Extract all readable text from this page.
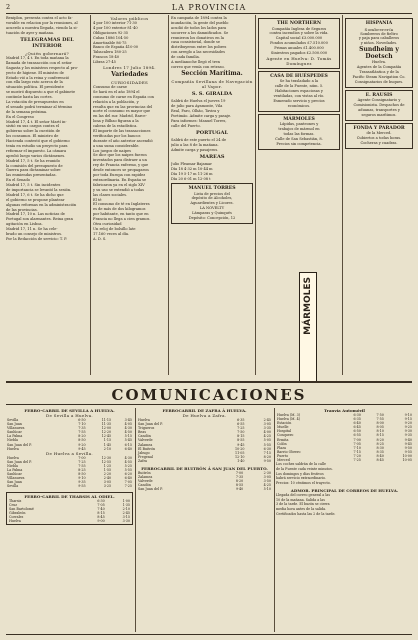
2	LA PROVINCIA
Beniplon, presenta contra el acto fa-
vorable en relacion por la reuniones, al
acuerdo a nuestra llegada, viendo la si-
tuación de ayer y mañana.
TELEGRAMAS DEL INTERIOR
¿Quién gobernará?
Madrid 17, 4 t. En toda mañana la
llamada de transacción con el señor
Sagasta y los ministros respecto al pro-
yecto de higiene. El ministro de
Estado vió a la reina y conferenció
con ella largo rato acerca de la
situación política. El presidente
se mostró dispuesto a que el gabinete
continúe hasta las cortes.
La votación de presupuestos en
el senado podrá terminar al término
de la semana próxima.
En el Congreso
Madrid 17, 4 t. El señor Martí in-
sistió en sus cargos contra el
gobierno sobre la cuestión de
los consumos. El ministro de
Hacienda contestó que el gobierno
tenía en estudio un proyecto para
reformar el impuesto. La cámara
aprobó luego varios dictámenes.
Madrid 17, 5 t. Se ha reunido
la comisión del presupuesto de
Guerra para dictaminar sobre
las enmiendas presentadas.
En el Senado
Madrid 17, 5 t. Sin incidentes
de importancia se levantó la sesión.
Madrid 17, 6 t. Se ha dicho que
el gobierno se propone plantear
algunas reformas en la administración
de las provincias.
Madrid 17, 10 n. Las noticias de
Portugal son alarmantes. Reina gran
agitación en Lisboa.
Madrid 17, 11 n. Se ha cele-
brado un consejo de ministros.
Por la Redacción de servicio: T. P.
Valores públicos
4 por 100 interior 71·30
4 por 100 exterior 81·40
Obligaciones 92·35
Cubas 1886 104·50
Amortizable 86·75
Banco de España 410·00
Tabacalera 180·25
Francos 18·40
Libras 27·45
Londres 17 Julio 1894.
Variedades
CURIOSIDADES
Consumo de carne
Se hará en el año 1894 el
consumo de carne en España con
relación a la población, y
resulta que en las provincias del
norte el consumo es mayor que
en las del sur. Madrid, Barce-
lona y Bilbao figuran a la
cabeza de la estadística.
El importe de las transacciones
verificadas por los bancos
durante el año anterior ascendió
a una suma considerable.
Los juegos de naipes
Se dice que los naipes fueron
inventados para distraer a un
rey de Francia enfermo, y que
desde entonces se propagaron
por toda Europa con rapidez
extraordinaria. En España se
fabricaron ya en el siglo XIV
y su uso se extendió a todas
las clases sociales.
El té
El consumo de té en Inglaterra
es de más de dos kilogramos
por habitante, en tanto que en
Francia no llega a cien gramos.
Otra curiosidad
Un reloj de bolsillo late
17.160 veces al día.
A. D. S.
En campaña de 1894 contra la
inundación, la gente del pueblo
acudió de todos los lados para
socorrer a los damnificados. Se
reunieron los donativos en la
casa consistorial, donde se
distribuyeron entre los pobres
con arreglo a las necesidades
de cada familia.
A medianoche llegó el tren
correo que venía con retraso.
Sección Marítima.
Compañía Sevillana de Navegación al Vapor.
S. S. GIRALDA
Saldrá de Huelva el jueves 19
de julio para Ayamonte, Vila
Real, Faro, Olhão, Tavira y
Portimão. Admite carga y pasaje.
Para informes: Manuel Torres,
calle del Puerto.
PORTUGAL
Saldrá de este puerto el 24 de
julio a las 8 de la mañana.
Admite carga y pasajeros.
MAREAS
Julio Pleamar Bajamar
Día 18 4·32 m 10·44 m
Día 19 5·17 m 11·26 m
Día 20 6·01 m 12·08 t
MANUEL TORRES
Lista de precios del
depósito de Alcoholes,
Aguardientes y Licores.
LA NOVELTY
Lámparas y Quinqués
Depósito: Concepción, 12
THE NORTHERN
Compañía Inglesa de Seguros
contra incendios y sobre la vida.
Capital social £3.000.000
Fondos acumulados £7.510.000
Primas anuales £1.400.000
Siniestros pagados £2.500.000
Agente en Huelva: D. Tomás Domínguez
CASA DE HUÉSPEDES
Se ha trasladado a la
calle de la Fuente, núm. 5.
Habitaciones espaciosas y
ventiladas, con vistas al río.
Esmerado servicio y precios
económicos.
MÁRMOLES
Lápidas, panteones y
trabajos de mármol en
todas las formas.
Calle de San Sebastián, 8.
Precios sin competencia.
MÁRMOLES
HISPANIA
Sombrerería
Sombreros de fieltro
y paja para caballeros
y niños. Novedades.
Sundheim y Doetsch
Huelva.
Agentes de la Compañía
Transatlántica y de la
Pacific Steam Navigation Co.
Consignatarios de buques.
E. RAUSIS
Agente Consignatario y
Comisionista. Despachos de
aduanas, transportes y
seguros marítimos.
FONDA Y PARADOR
de la Merced.
Cubiertos a todas horas.
Cocheras y cuadras.
COMUNICACIONES
FERRO-CARRIL DE SEVILLA A HUELVA.
De Sevilla a Huelva.
Sevilla	6·50	11·15	3·45
San Juan	7·10	11·35	4·05
Villanueva	7·35	12·00	4·30
Sanlúcar	7·55	12·20	4·50
La Palma	8·20	12·45	5·15
Niebla	8·50	1·15	5·45
San Juan del P.	9·20	1·45	6·15
Huelva	9·45	2·10	6·40
De Huelva a Sevilla.
Huelva	7·00	12·30	4·30
San Juan del P.	7·25	12·55	4·55
Niebla	7·55	1·25	5·25
La Palma	8·25	1·55	5·55
Sanlúcar	8·50	2·20	6·20
Villanueva	9·10	2·40	6·40
San Juan	9·35	3·05	7·05
Sevilla	9·55	3·25	7·25
FERRO-CARRIL DE THARSIS AL ODIEL.
Tharsis	6·30	1·00
Cruz	7·05	1·35
San Bartolomé	7·40	2·10
Gibraleón	8·15	2·45
Corrales	8·45	3·15
Huelva	9·00	3·30
FERROCARRIL DE ZAFRA Á HUELVA.
De Huelva a Zafra.
Huelva	6·35	2·45
San Juan del P.	6·55	3·05
Trigueros	7·25	3·35
Beas	7·50	4·00
Candón	8·15	4·25
Valverde	8·55	5·05
Zalamea	9·45	5·55
El Buitrón	10·20	6·30
Jabugo	11·05	7·15
Fregenal	12·10	8·20
Zafra	1·40	9·50
FERROCARRIL DE BUITRÓN Á SAN JUAN DEL PUERTO.
Buitrón	7·00	2·30
Zalamea	7·35	3·05
Valverde	8·20	3·50
Candón	8·55	4·25
San Juan del P.	9·40	5·10
Tranvía Automóvil
Huelva (M. 3)	6·30	7·50	9·10
Huelva (M. 4)	6·35	7·55	9·15
Estación	6·40	8·00	9·20
Muelle	6·45	8·05	9·25
Hospital	6·50	8·10	9·30
Conquero	6·55	8·15	9·35
Ermita	7·00	8·20	9·40
Colón	7·05	8·25	9·45
Plaza	7·10	8·30	9·50
Barrio Obrero	7·15	8·35	9·55
Puerto	7·20	8·40	10·00
Merced	7·25	8·45	10·05
Los coches saldrán de la calle
de la Fuente cada veinte minutos.
Los domingos y días festivos
habrá servicio extraordinario.
Precios: 10 céntimos el trayecto.
ADMOR. PRINCIPAL DE CORREOS DE HUELVA.
Llegada del correo general a las
10 de la mañana. Salida a las
3 de la tarde. El buzón se cierra
media hora antes de la salida.
Certificados hasta las 2 de la tarde.
